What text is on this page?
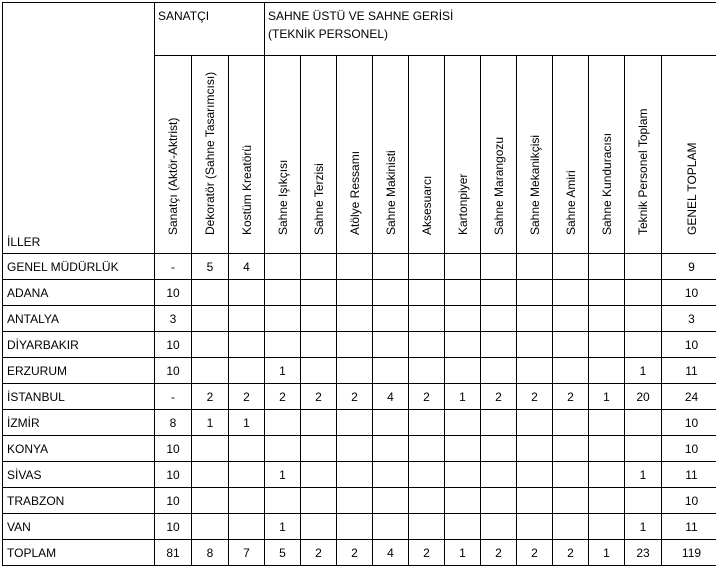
İLLER	SANATÇI			SAHNE ÜSTÜ VE SAHNE GERİSİ
(TEKNİK PERSONEL)											

	Sanatçı (Aktör-Aktrist)	Dekoratör (Sahne Tasarımcısı)	Kostüm Kreatörü	Sahne Işıkçısı	Sahne Terzisi	Atölye Ressamı	Sahne Makinisti	Aksesuarcı	Kartonpiyer	Sahne Marangozu	Sahne Mekanikçisi	Sahne Amiri	Sahne Kunduracısı	Teknik Personel Toplam	GENEL TOPLAM

GENEL MÜDÜRLÜK	-	5	4												9
ADANA	10														10
ANTALYA	3														3
DİYARBAKIR	10														10
ERZURUM	10			1										1	11
İSTANBUL	-	2	2	2	2	2	4	2	1	2	2	2	1	20	24
İZMİR	8	1	1												10
KONYA	10														10
SİVAS	10			1										1	11
TRABZON	10														10
VAN	10			1										1	11
TOPLAM	81	8	7	5	2	2	4	2	1	2	2	2	1	23	119
